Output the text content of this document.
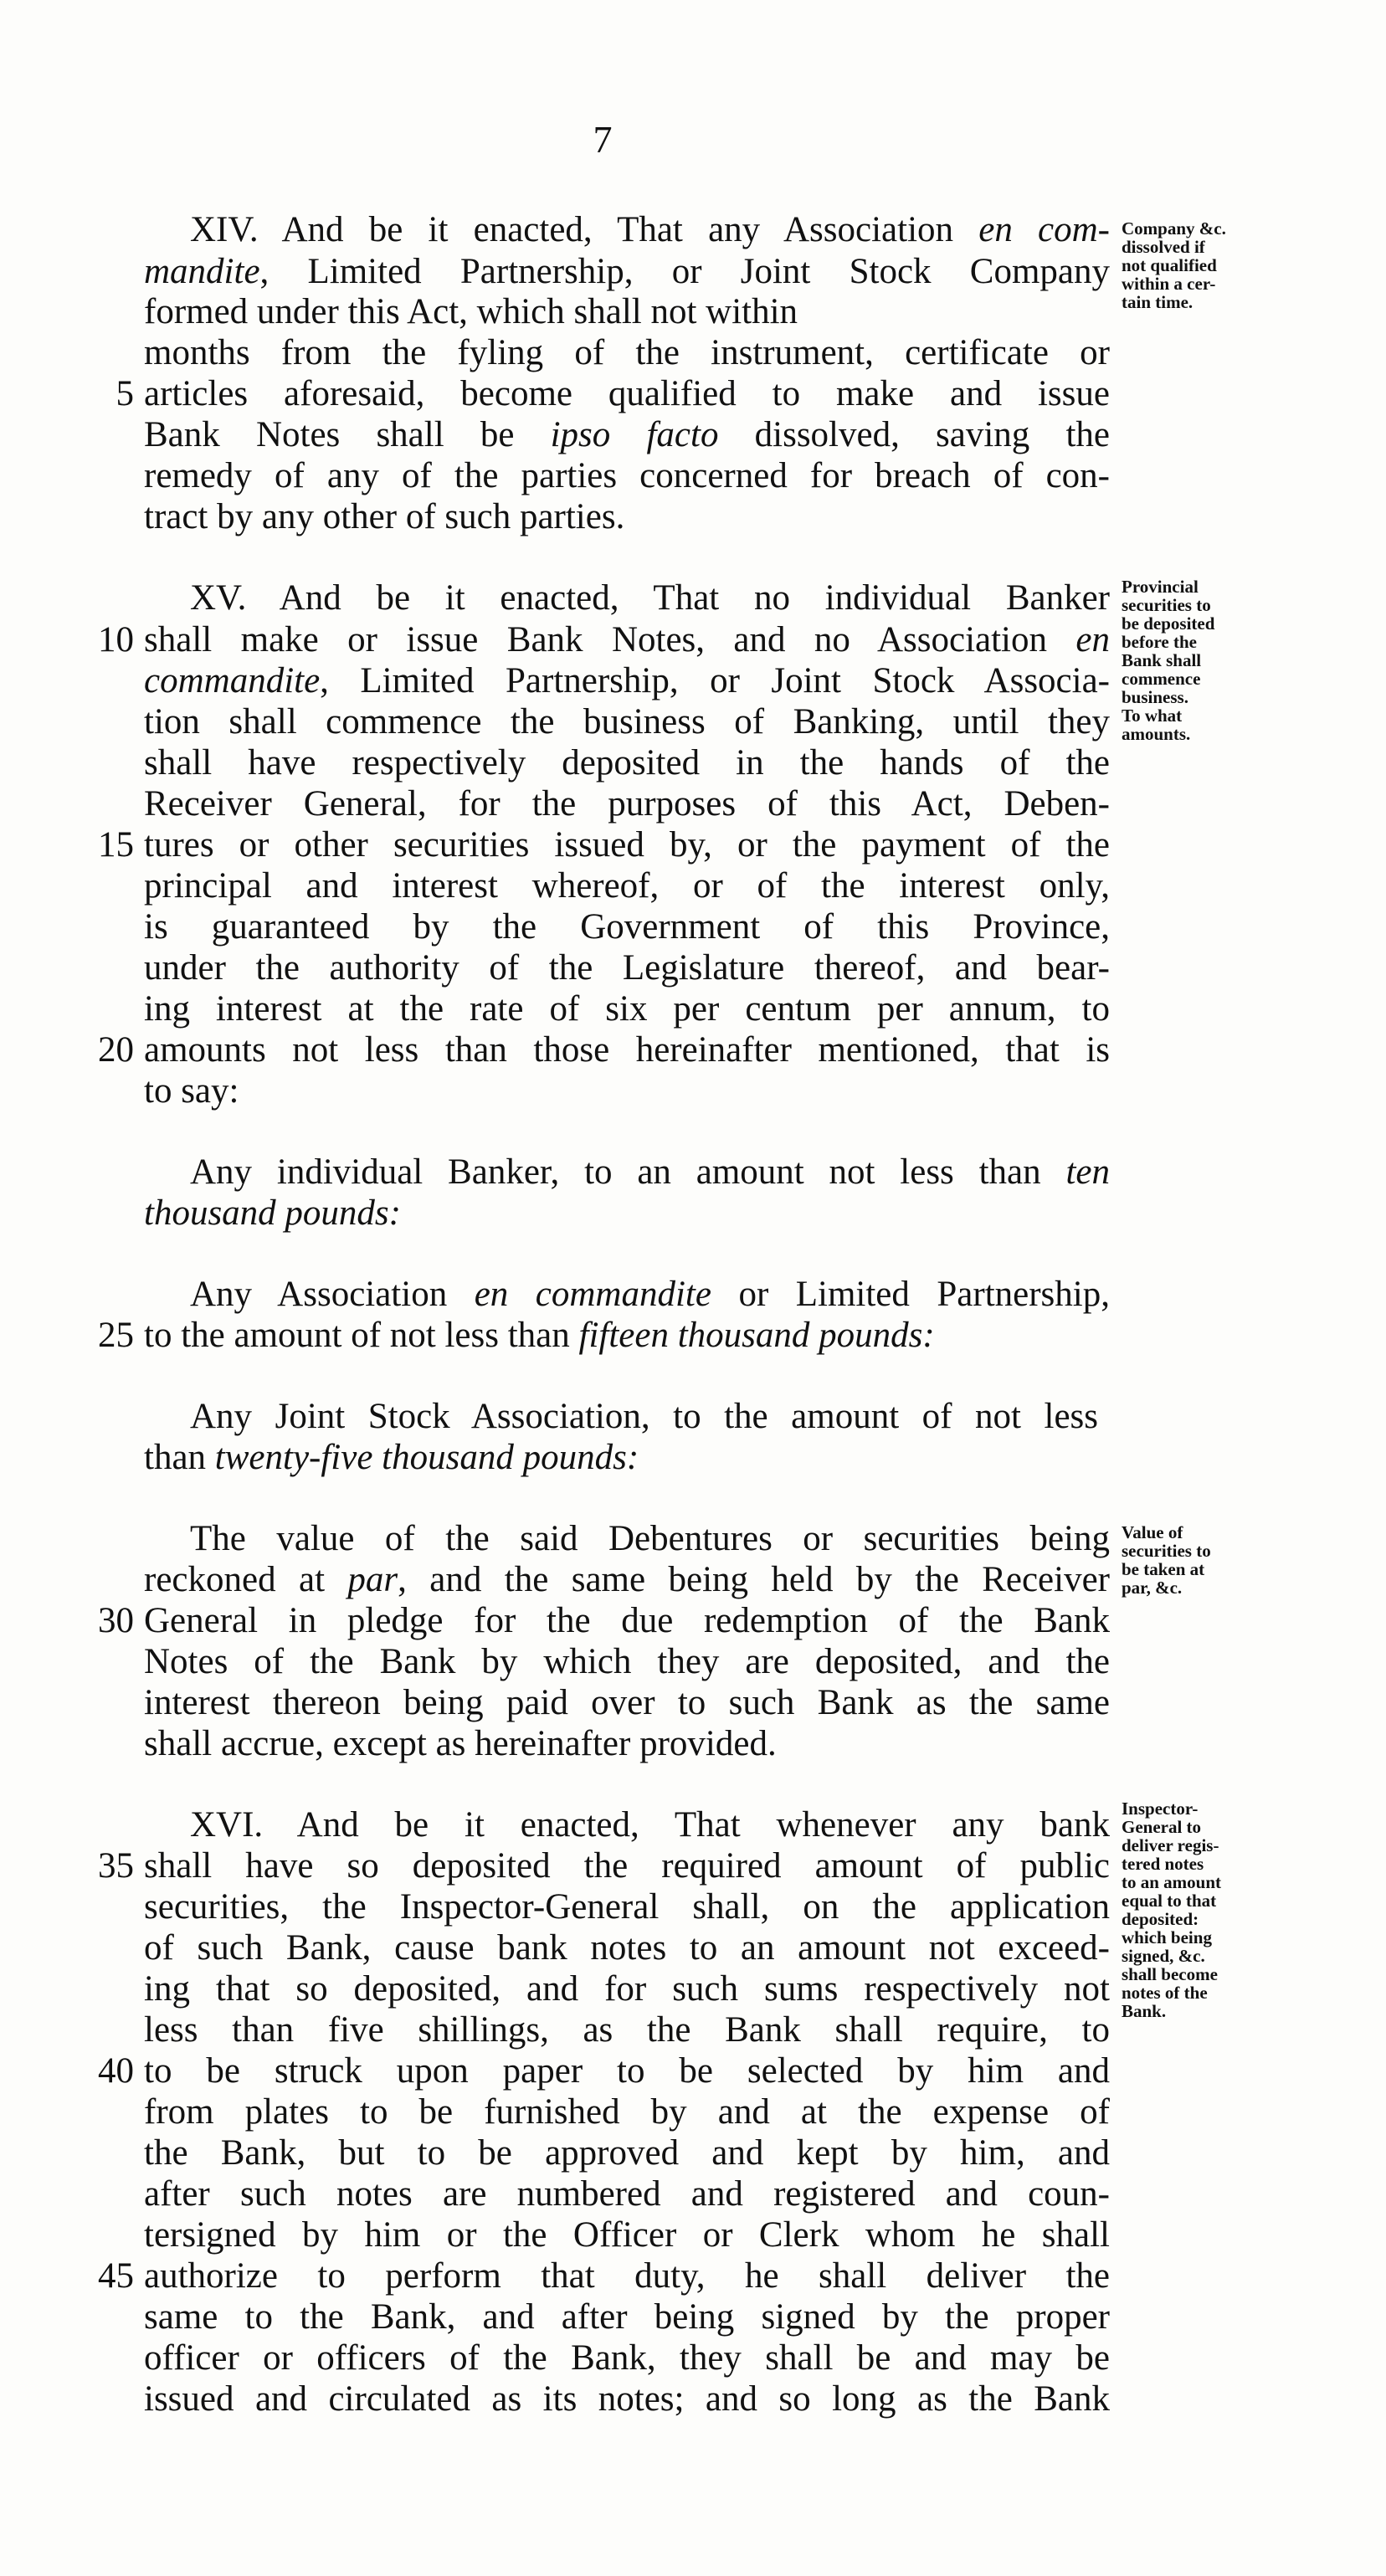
7
XIV. And be it enacted, That any Association en com-
mandite, Limited Partnership, or Joint Stock Company
formed under this Act, which shall not within
months from the fyling of the instrument, certificate or
articles aforesaid, become qualified to make and issue
Bank Notes shall be ipso facto dissolved, saving the
remedy of any of the parties concerned for breach of con-
tract by any other of such parties.
XV. And be it enacted, That no individual Banker
shall make or issue Bank Notes, and no Association en
commandite, Limited Partnership, or Joint Stock Associa-
tion shall commence the business of Banking, until they
shall have respectively deposited in the hands of the
Receiver General, for the purposes of this Act, Deben-
tures or other securities issued by, or the payment of the
principal and interest whereof, or of the interest only,
is guaranteed by the Government of this Province,
under the authority of the Legislature thereof, and bear-
ing interest at the rate of six per centum per annum, to
amounts not less than those hereinafter mentioned, that is
to say:
Any individual Banker, to an amount not less than ten
thousand pounds:
Any Association en commandite or Limited Partnership,
to the amount of not less than fifteen thousand pounds:
Any Joint Stock Association, to the amount of not less
than twenty-five thousand pounds:
The value of the said Debentures or securities being
reckoned at par, and the same being held by the Receiver
General in pledge for the due redemption of the Bank
Notes of the Bank by which they are deposited, and the
interest thereon being paid over to such Bank as the same
shall accrue, except as hereinafter provided.
XVI. And be it enacted, That whenever any bank
shall have so deposited the required amount of public
securities, the Inspector-General shall, on the application
of such Bank, cause bank notes to an amount not exceed-
ing that so deposited, and for such sums respectively not
less than five shillings, as the Bank shall require, to
to be struck upon paper to be selected by him and
from plates to be furnished by and at the expense of
the Bank, but to be approved and kept by him, and
after such notes are numbered and registered and coun-
tersigned by him or the Officer or Clerk whom he shall
authorize to perform that duty, he shall deliver the
same to the Bank, and after being signed by the proper
officer or officers of the Bank, they shall be and may be
issued and circulated as its notes; and so long as the Bank
5
10
15
20
25
30
35
40
45
Company &c.
dissolved if
not qualified
within a cer-
tain time.
Provincial
securities to
be deposited
before the
Bank shall
commence
business.
To what
amounts.
Value of
securities to
be taken at
par, &c.
Inspector-
General to
deliver regis-
tered notes
to an amount
equal to that
deposited:
which being
signed, &c.
shall become
notes of the
Bank.
